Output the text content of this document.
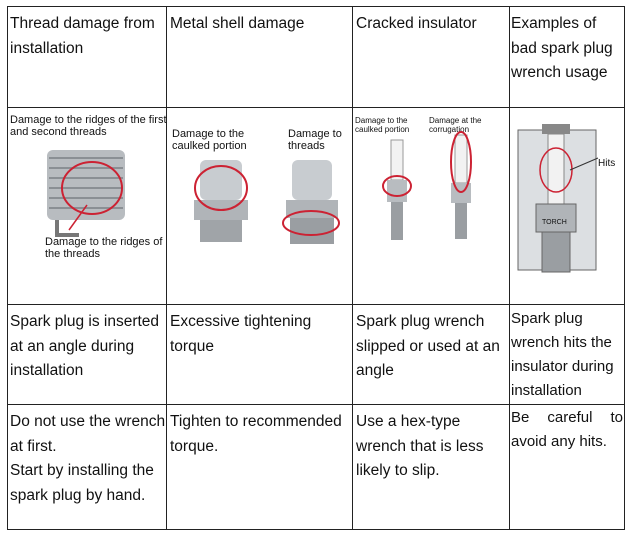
Thread damage from installation
Metal shell damage	Cracked insulator	Examples of bad spark plug wrench usage
Damage to the ridges of the first and second threads
Damage to the ridges of the threads
Damage to the caulked portion
Damage to threads
Damage to the caulked portion
Damage at the corrugation
Hits
TORCH
Spark plug is inserted at an angle during installation
Excessive tightening torque
Spark plug wrench slipped or used at an angle
Spark plug wrench hits the insulator during installation
Do not use the wrench at first.
Start by installing the spark plug by hand.
Tighten to recommended torque.
Use a hex-type wrench that is less likely to slip.
Be careful to avoid any hits.
